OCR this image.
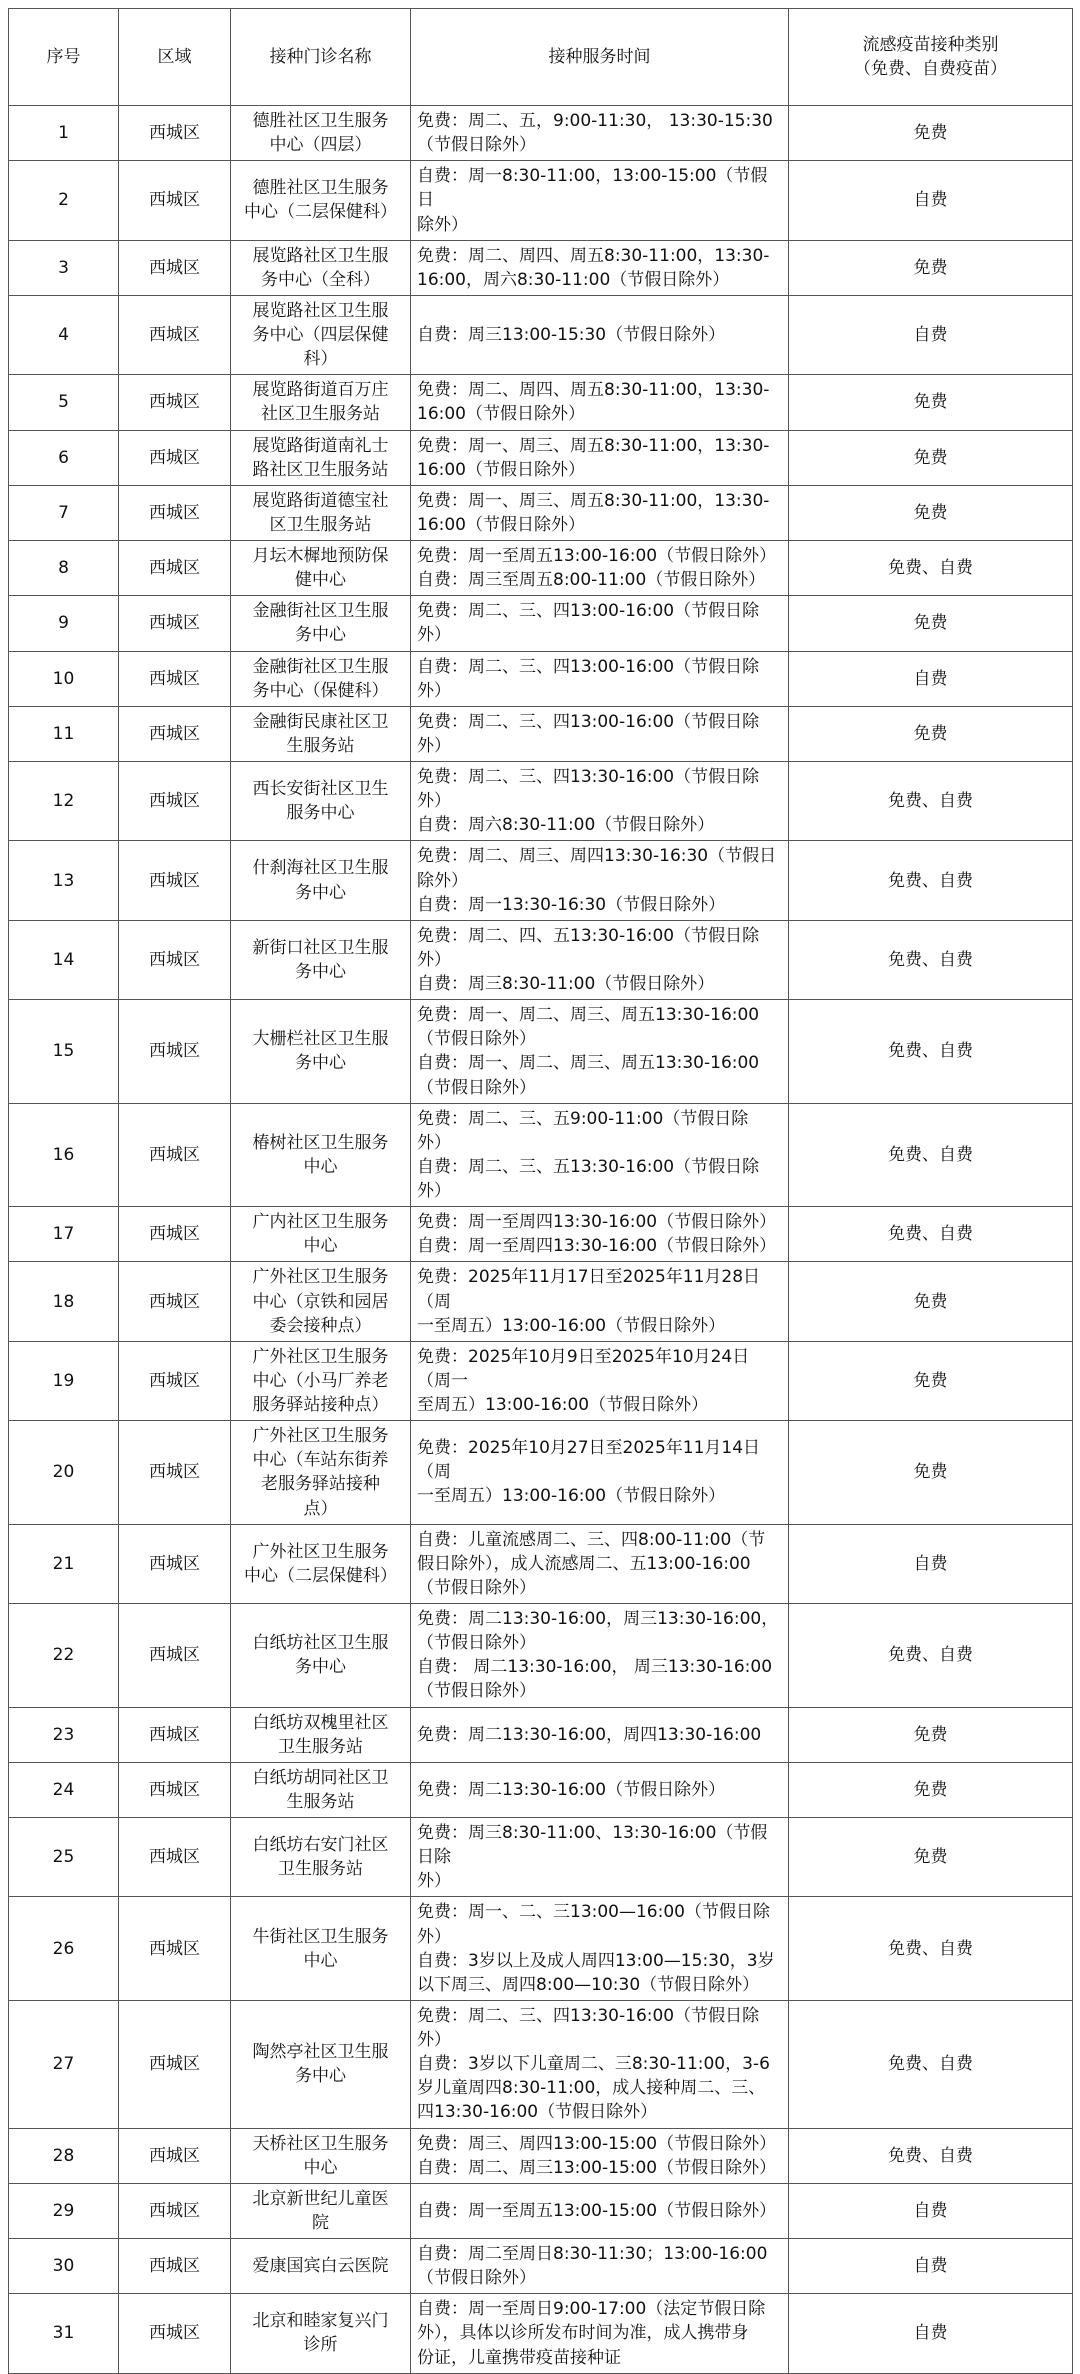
序号	区域	接种门诊名称	接种服务时间	流感疫苗接种类别
（免费、自费疫苗）

1	西城区	德胜社区卫生服务
中心（四层）	免费：周二、五，9:00-11:30， 13:30-15:30
（节假日除外）	免费

2	西城区	德胜社区卫生服务
中心（二层保健科）	自费：周一8:30-11:00，13:00-15:00（节假日
除外）	自费

3	西城区	展览路社区卫生服
务中心（全科）	免费：周二、周四、周五8:30-11:00，13:30-
16:00，周六8:30-11:00（节假日除外）	免费

4	西城区	展览路社区卫生服
务中心（四层保健
科）	自费：周三13:00-15:30（节假日除外）	自费

5	西城区	展览路街道百万庄
社区卫生服务站	免费：周二、周四、周五8:30-11:00，13:30-
16:00（节假日除外）	免费

6	西城区	展览路街道南礼士
路社区卫生服务站	免费：周一、周三、周五8:30-11:00，13:30-
16:00（节假日除外）	免费

7	西城区	展览路街道德宝社
区卫生服务站	免费：周一、周三、周五8:30-11:00，13:30-
16:00（节假日除外）	免费

8	西城区	月坛木樨地预防保
健中心	免费：周一至周五13:00-16:00（节假日除外）
自费：周三至周五8:00-11:00（节假日除外）	免费、自费

9	西城区	金融街社区卫生服
务中心	免费：周二、三、四13:00-16:00（节假日除
外）	免费

10	西城区	金融街社区卫生服
务中心（保健科）	自费：周二、三、四13:00-16:00（节假日除
外）	自费

11	西城区	金融街民康社区卫
生服务站	免费：周二、三、四13:00-16:00（节假日除
外）	免费

12	西城区	西长安街社区卫生
服务中心	免费：周二、三、四13:30-16:00（节假日除
外）
自费：周六8:30-11:00（节假日除外）	免费、自费

13	西城区	什刹海社区卫生服
务中心	免费：周二、周三、周四13:30-16:30（节假日
除外）
自费：周一13:30-16:30（节假日除外）	免费、自费

14	西城区	新街口社区卫生服
务中心	免费：周二、四、五13:30-16:00（节假日除
外）
自费：周三8:30-11:00（节假日除外）	免费、自费

15	西城区	大栅栏社区卫生服
务中心	免费：周一、周二、周三、周五13:30-16:00
（节假日除外）
自费：周一、周二、周三、周五13:30-16:00
（节假日除外）	免费、自费

16	西城区	椿树社区卫生服务
中心	免费：周二、三、五9:00-11:00（节假日除
外）
自费：周二、三、五13:30-16:00（节假日除
外）	免费、自费

17	西城区	广内社区卫生服务
中心	免费：周一至周四13:30-16:00（节假日除外）
自费：周一至周四13:30-16:00（节假日除外）	免费、自费

18	西城区	广外社区卫生服务
中心（京铁和园居
委会接种点）	免费：2025年11月17日至2025年11月28日（周
一至周五）13:00-16:00（节假日除外）	免费

19	西城区	广外社区卫生服务
中心（小马厂养老
服务驿站接种点）	免费：2025年10月9日至2025年10月24日（周一
至周五）13:00-16:00（节假日除外）	免费

20	西城区	广外社区卫生服务
中心（车站东街养
老服务驿站接种
点）	免费：2025年10月27日至2025年11月14日（周
一至周五）13:00-16:00（节假日除外）	免费

21	西城区	广外社区卫生服务
中心（二层保健科）	自费：儿童流感周二、三、四8:00-11:00（节
假日除外），成人流感周二、五13:00-16:00
（节假日除外）	自费

22	西城区	白纸坊社区卫生服
务中心	免费：周二13:30-16:00，周三13:30-16:00，
（节假日除外）
自费： 周二13:30-16:00， 周三13:30-16:00
（节假日除外）	免费、自费

23	西城区	白纸坊双槐里社区
卫生服务站	免费：周二13:30-16:00，周四13:30-16:00	免费

24	西城区	白纸坊胡同社区卫
生服务站	免费：周二13:30-16:00（节假日除外）	免费

25	西城区	白纸坊右安门社区
卫生服务站	免费：周三8:30-11:00、13:30-16:00（节假日除
外）	免费

26	西城区	牛街社区卫生服务
中心	免费：周一、二、三13:00—16:00（节假日除
外）
自费：3岁以上及成人周四13:00—15:30，3岁
以下周三、周四8:00—10:30（节假日除外）	免费、自费

27	西城区	陶然亭社区卫生服
务中心	免费：周二、三、四13:30-16:00（节假日除
外）
自费：3岁以下儿童周二、三8:30-11:00，3-6
岁儿童周四8:30-11:00，成人接种周二、三、
四13:30-16:00（节假日除外）	免费、自费

28	西城区	天桥社区卫生服务
中心	免费：周三、周四13:00-15:00（节假日除外）
自费：周二、周三13:00-15:00（节假日除外）	免费、自费

29	西城区	北京新世纪儿童医
院	自费：周一至周五13:00-15:00（节假日除外）	自费

30	西城区	爱康国宾白云医院	自费：周二至周日8:30-11:30；13:00-16:00
（节假日除外）	自费

31	西城区	北京和睦家复兴门
诊所	自费：周一至周日9:00-17:00（法定节假日除
外），具体以诊所发布时间为准，成人携带身
份证，儿童携带疫苗接种证	自费
